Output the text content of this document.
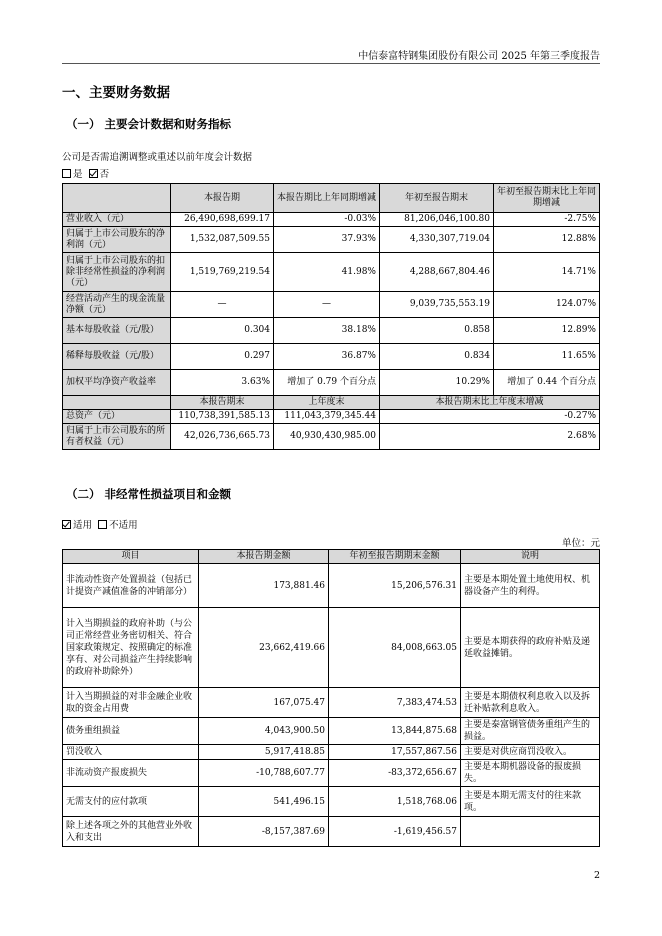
中信泰富特钢集团股份有限公司 2025 年第三季度报告
一、主要财务数据
（一） 主要会计数据和财务指标
公司是否需追溯调整或重述以前年度会计数据
是 否
	本报告期	本报告期比上年同期增减	年初至报告期末	年初至报告期末比上年同期增减
营业收入（元）	26,490,698,699.17	-0.03%	81,206,046,100.80	-2.75%
归属于上市公司股东的净利润（元）	1,532,087,509.55	37.93%	4,330,307,719.04	12.88%
归属于上市公司股东的扣除非经常性损益的净利润（元）	1,519,769,219.54	41.98%	4,288,667,804.46	14.71%
经营活动产生的现金流量净额（元）	—	—	9,039,735,553.19	124.07%
基本每股收益（元/股）	0.304	38.18%	0.858	12.89%
稀释每股收益（元/股）	0.297	36.87%	0.834	11.65%
加权平均净资产收益率	3.63%	增加了 0.79 个百分点	10.29%	增加了 0.44 个百分点
	本报告期末	上年度末	本报告期末比上年度末增减	
总资产（元）	110,738,391,585.13	111,043,379,345.44	-0.27%	
归属于上市公司股东的所有者权益（元）	42,026,736,665.73	40,930,430,985.00	2.68%	
（二） 非经常性损益项目和金额
适用 不适用
单位：元
项目	本报告期金额	年初至报告期期末金额	说明
非流动性资产处置损益（包括已计提资产减值准备的冲销部分）	173,881.46	15,206,576.31	主要是本期处置土地使用权、机器设备产生的利得。
计入当期损益的政府补助（与公司正常经营业务密切相关、符合国家政策规定、按照确定的标准享有、对公司损益产生持续影响的政府补助除外）	23,662,419.66	84,008,663.05	主要是本期获得的政府补贴及递延收益摊销。
计入当期损益的对非金融企业收取的资金占用费	167,075.47	7,383,474.53	主要是本期债权利息收入以及拆迁补贴款利息收入。
债务重组损益	4,043,900.50	13,844,875.68	主要是泰富钢管债务重组产生的损益。
罚没收入	5,917,418.85	17,557,867.56	主要是对供应商罚没收入。
非流动资产报废损失	-10,788,607.77	-83,372,656.67	主要是本期机器设备的报废损失。
无需支付的应付款项	541,496.15	1,518,768.06	主要是本期无需支付的往来款项。
除上述各项之外的其他营业外收入和支出	-8,157,387.69	-1,619,456.57	
2
